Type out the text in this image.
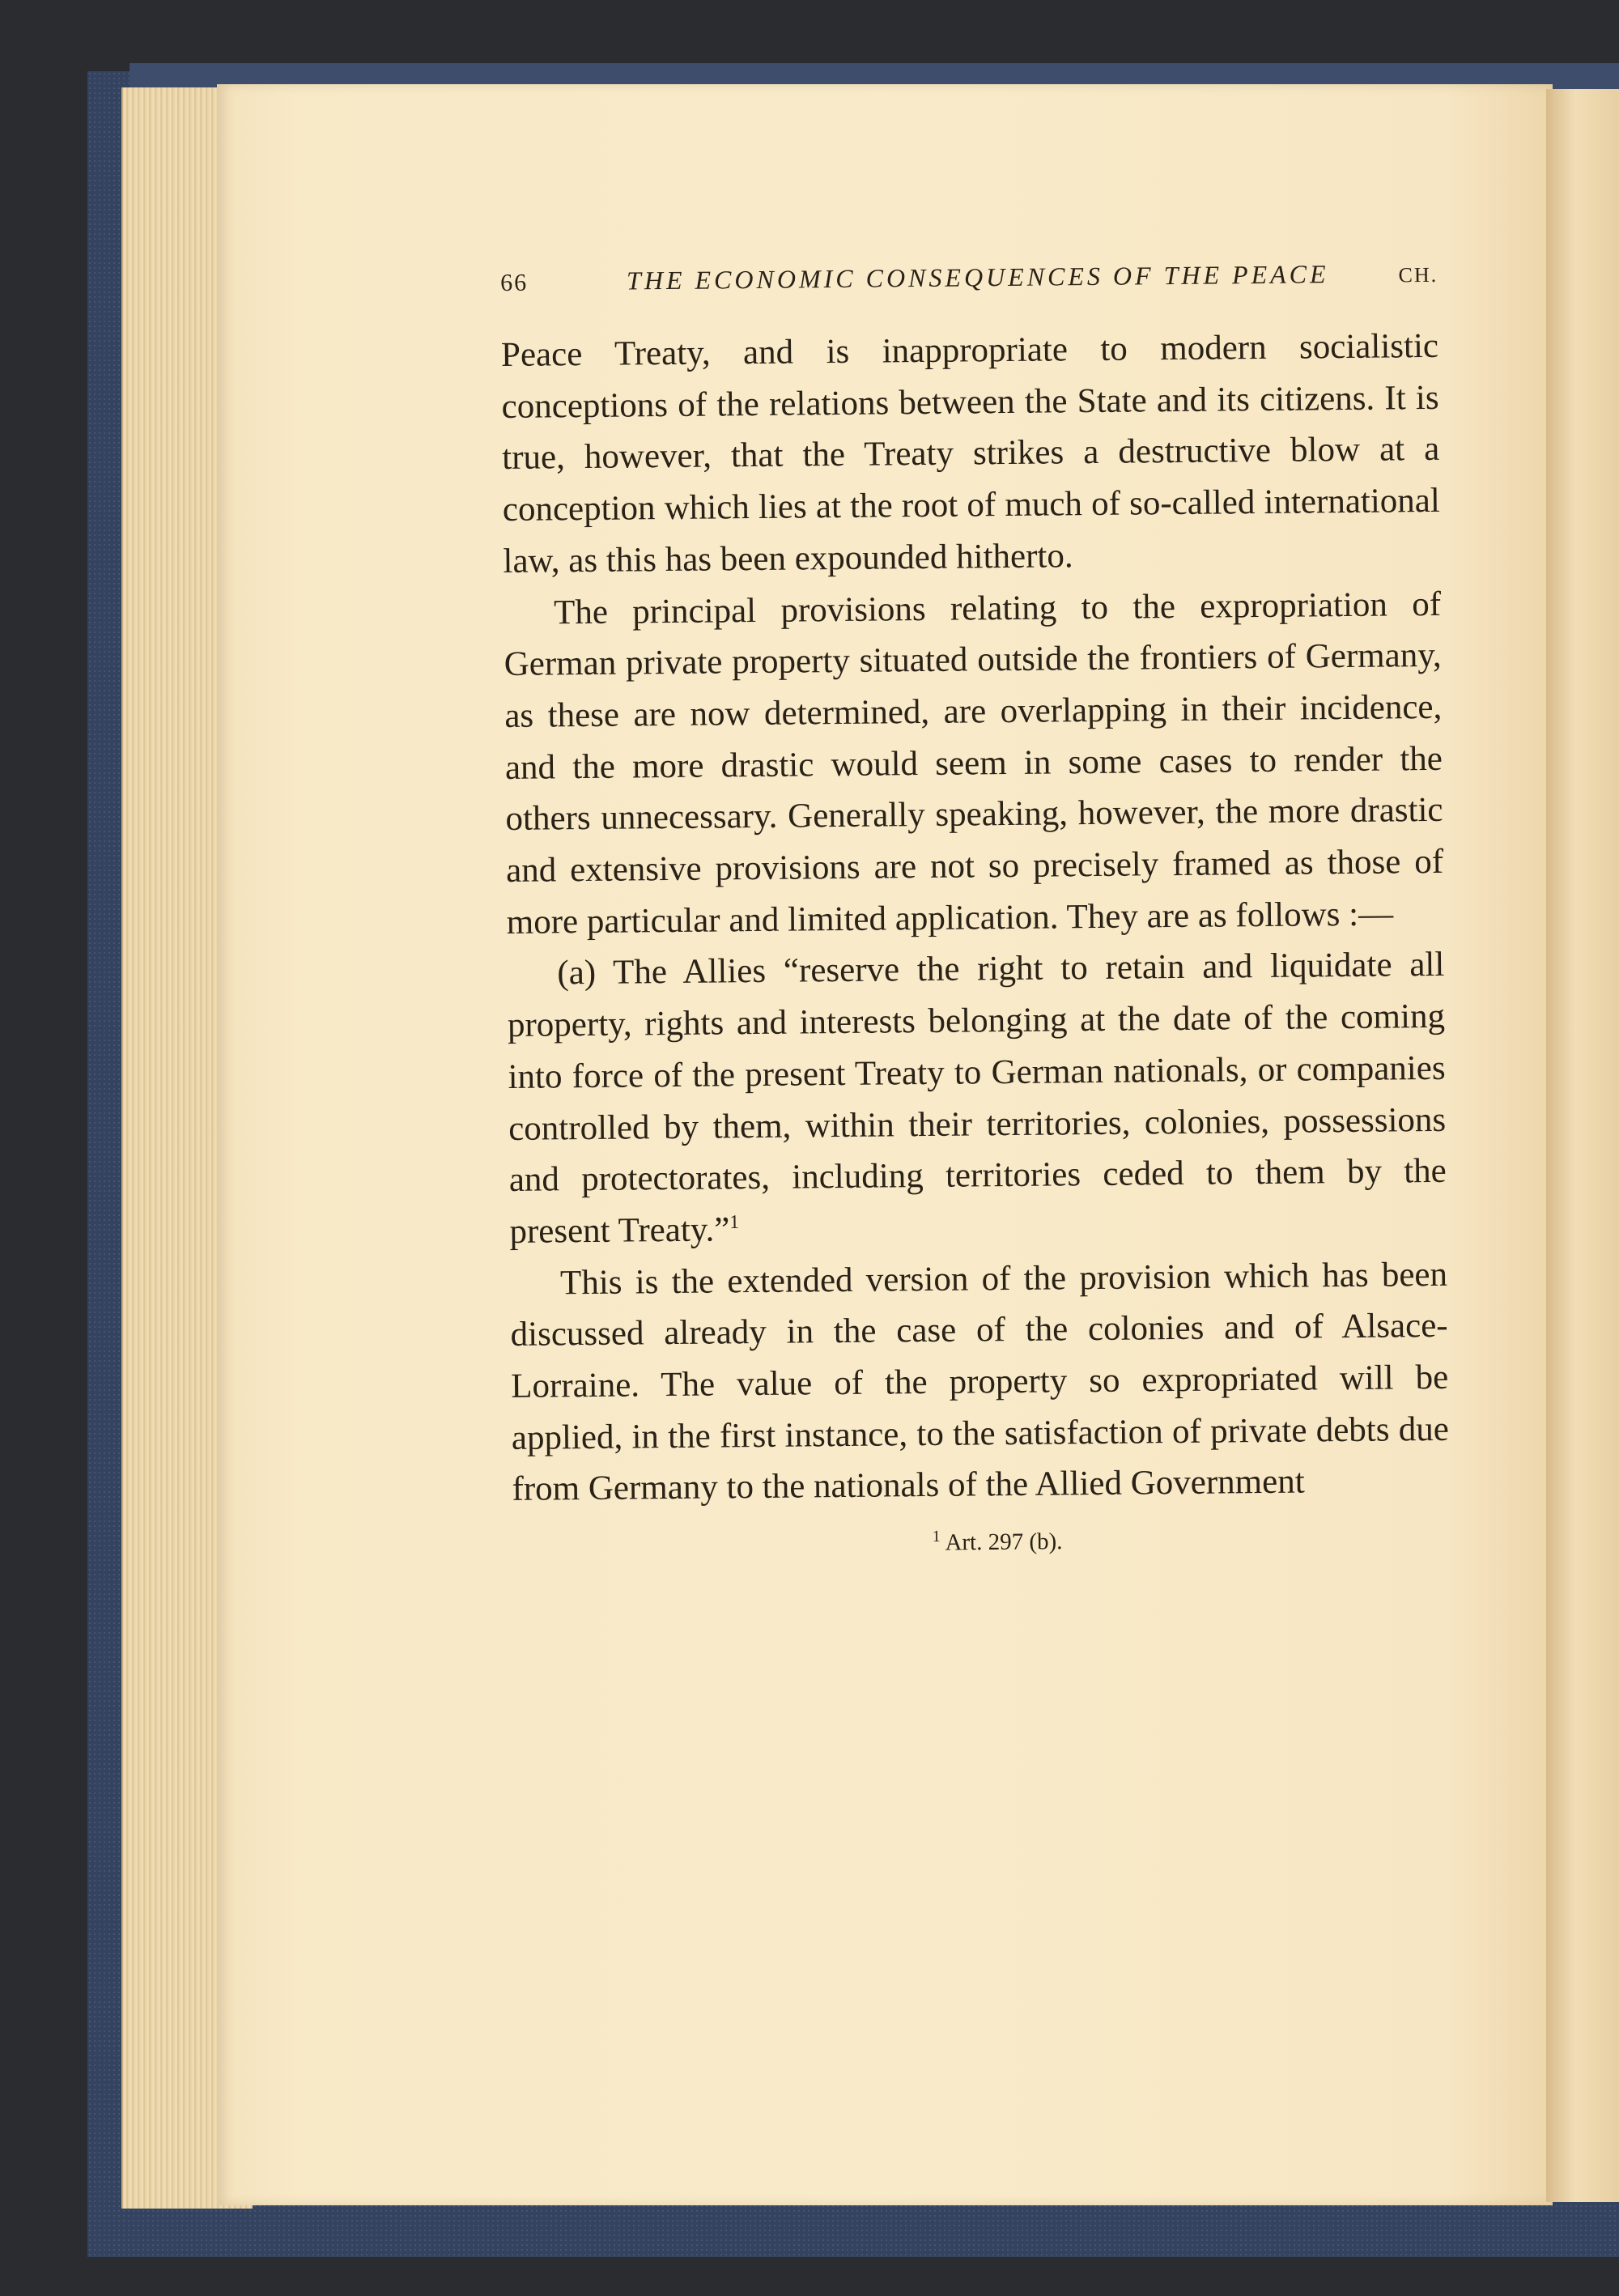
66	THE ECONOMIC CONSEQUENCES OF THE PEACE	CH.

Peace Treaty, and is inappropriate to modern socialistic conceptions of the relations between the State and its citizens. It is true, however, that the Treaty strikes a destructive blow at a conception which lies at the root of much of so-called international law, as this has been expounded hitherto.

The principal provisions relating to the expropriation of German private property situated outside the frontiers of Germany, as these are now determined, are overlapping in their incidence, and the more drastic would seem in some cases to render the others unnecessary. Generally speaking, however, the more drastic and extensive provisions are not so precisely framed as those of more particular and limited application. They are as follows :—

(a) The Allies “reserve the right to retain and liquidate all property, rights and interests belonging at the date of the coming into force of the present Treaty to German nationals, or companies controlled by them, within their territories, colonies, possessions and protectorates, including territories ceded to them by the present Treaty.”$^1$

This is the extended version of the provision which has been discussed already in the case of the colonies and of Alsace-Lorraine. The value of the property so expropriated will be applied, in the first instance, to the satisfaction of private debts due from Germany to the nationals of the Allied Government

$^1$ Art. 297 (b).
